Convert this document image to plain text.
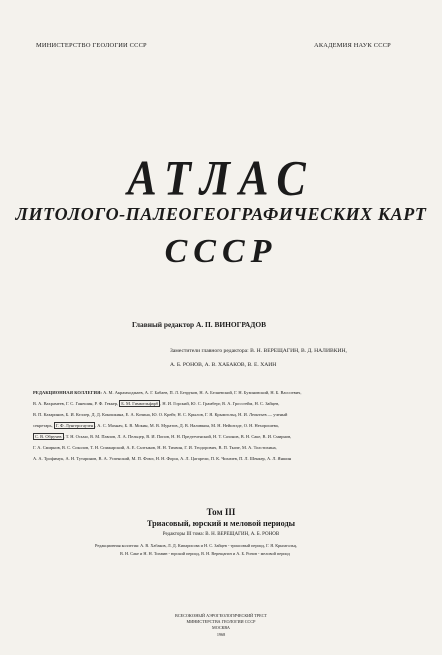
МИНИСТЕРСТВО ГЕОЛОГИИ СССР	АКАДЕМИЯ НАУК СССР
АТЛАС
ЛИТОЛОГО-ПАЛЕОГЕОГРАФИЧЕСКИХ КАРТ
СССР
Главный редактор А. П. ВИНОГРАДОВ
Заместители главного редактора: В. Н. ВЕРЕЩАГИН, В. Д. НАЛИВКИН,
А. Б. РОНОВ, А. В. ХАБАКОВ, В. Е. ХАИН
РЕДАКЦИОННАЯ КОЛЛЕГИЯ: А. М. Акрамходжаев, А. Г. Бабаев, П. Л. Безруков, Н. А. Беляевский, Г. Н. Бузиновский, Н. Б. Вассоевич,
В. А. Вахрамеев, Г. С. Ганешин, Р. Ф. Геккер, Б. М. Гиммельфарб , Н. И. Горский, Ю. С. Грамберг, В. А. Гроссгейм, Н. С. Зайцев,
В. П. Казаринов, Б. И. Келлер, Д. Д. Кокошкина, Е. А. Кочина, Ю. О. Крейт, Н. С. Крылов, Г. Я. Крымгольц, Н. И. Леонтьев — ученый
секретарь, Г. Ф. Лунгерсгаузен , А. С. Махнач, Б. В. Мокин, М. В. Муратов, Д. В. Наливкин, М. Н. Нейштадт, О. Н. Нехорошева,
С. В. Обручев , Т. Н. Осьмо, В. М. Павлов, Л. А. Пельцер, В. И. Попов, Н. Н. Предтеченский, Н. Т. Сазонов, В. Н. Саке, В. И. Смирнов,
Г. А. Смирнов, В. С. Соколов, Т. Н. Спижарский, А. Е. Салтыков, Н. Н. Тихвин, Г. И. Теодорович, В. П. Ткаче, М. А. Толстихина,
А. А. Трофимук, А. Н. Тутаринов, В. А. Успенский, М. П. Фомэ, Н. Н. Форш, А. Л. Цагарели, П. К. Чихачев, П. Л. Шенкер, А. Л. Яншин
Том III
Триасовый, юрский и меловой периоды
Редакторы III тома: В. Н. ВЕРЕЩАГИН, А. Б. РОНОВ
Редакционная коллегия: А. В. Хабаков, Л. Д. Кипарисова и Н. С. Зайцев - триасовый период, Г. Я. Крымгольц,
В. Н. Саке и Н. Н. Тихвин - юрский период, В. Н. Верещагин и А. Б. Ронов - меловой период
ВСЕСОЮЗНЫЙ АЭРОГЕОЛОГИЧЕСКИЙ ТРЕСТ
МИНИСТЕРСТВА ГЕОЛОГИИ СССР
МОСКВА
1968
